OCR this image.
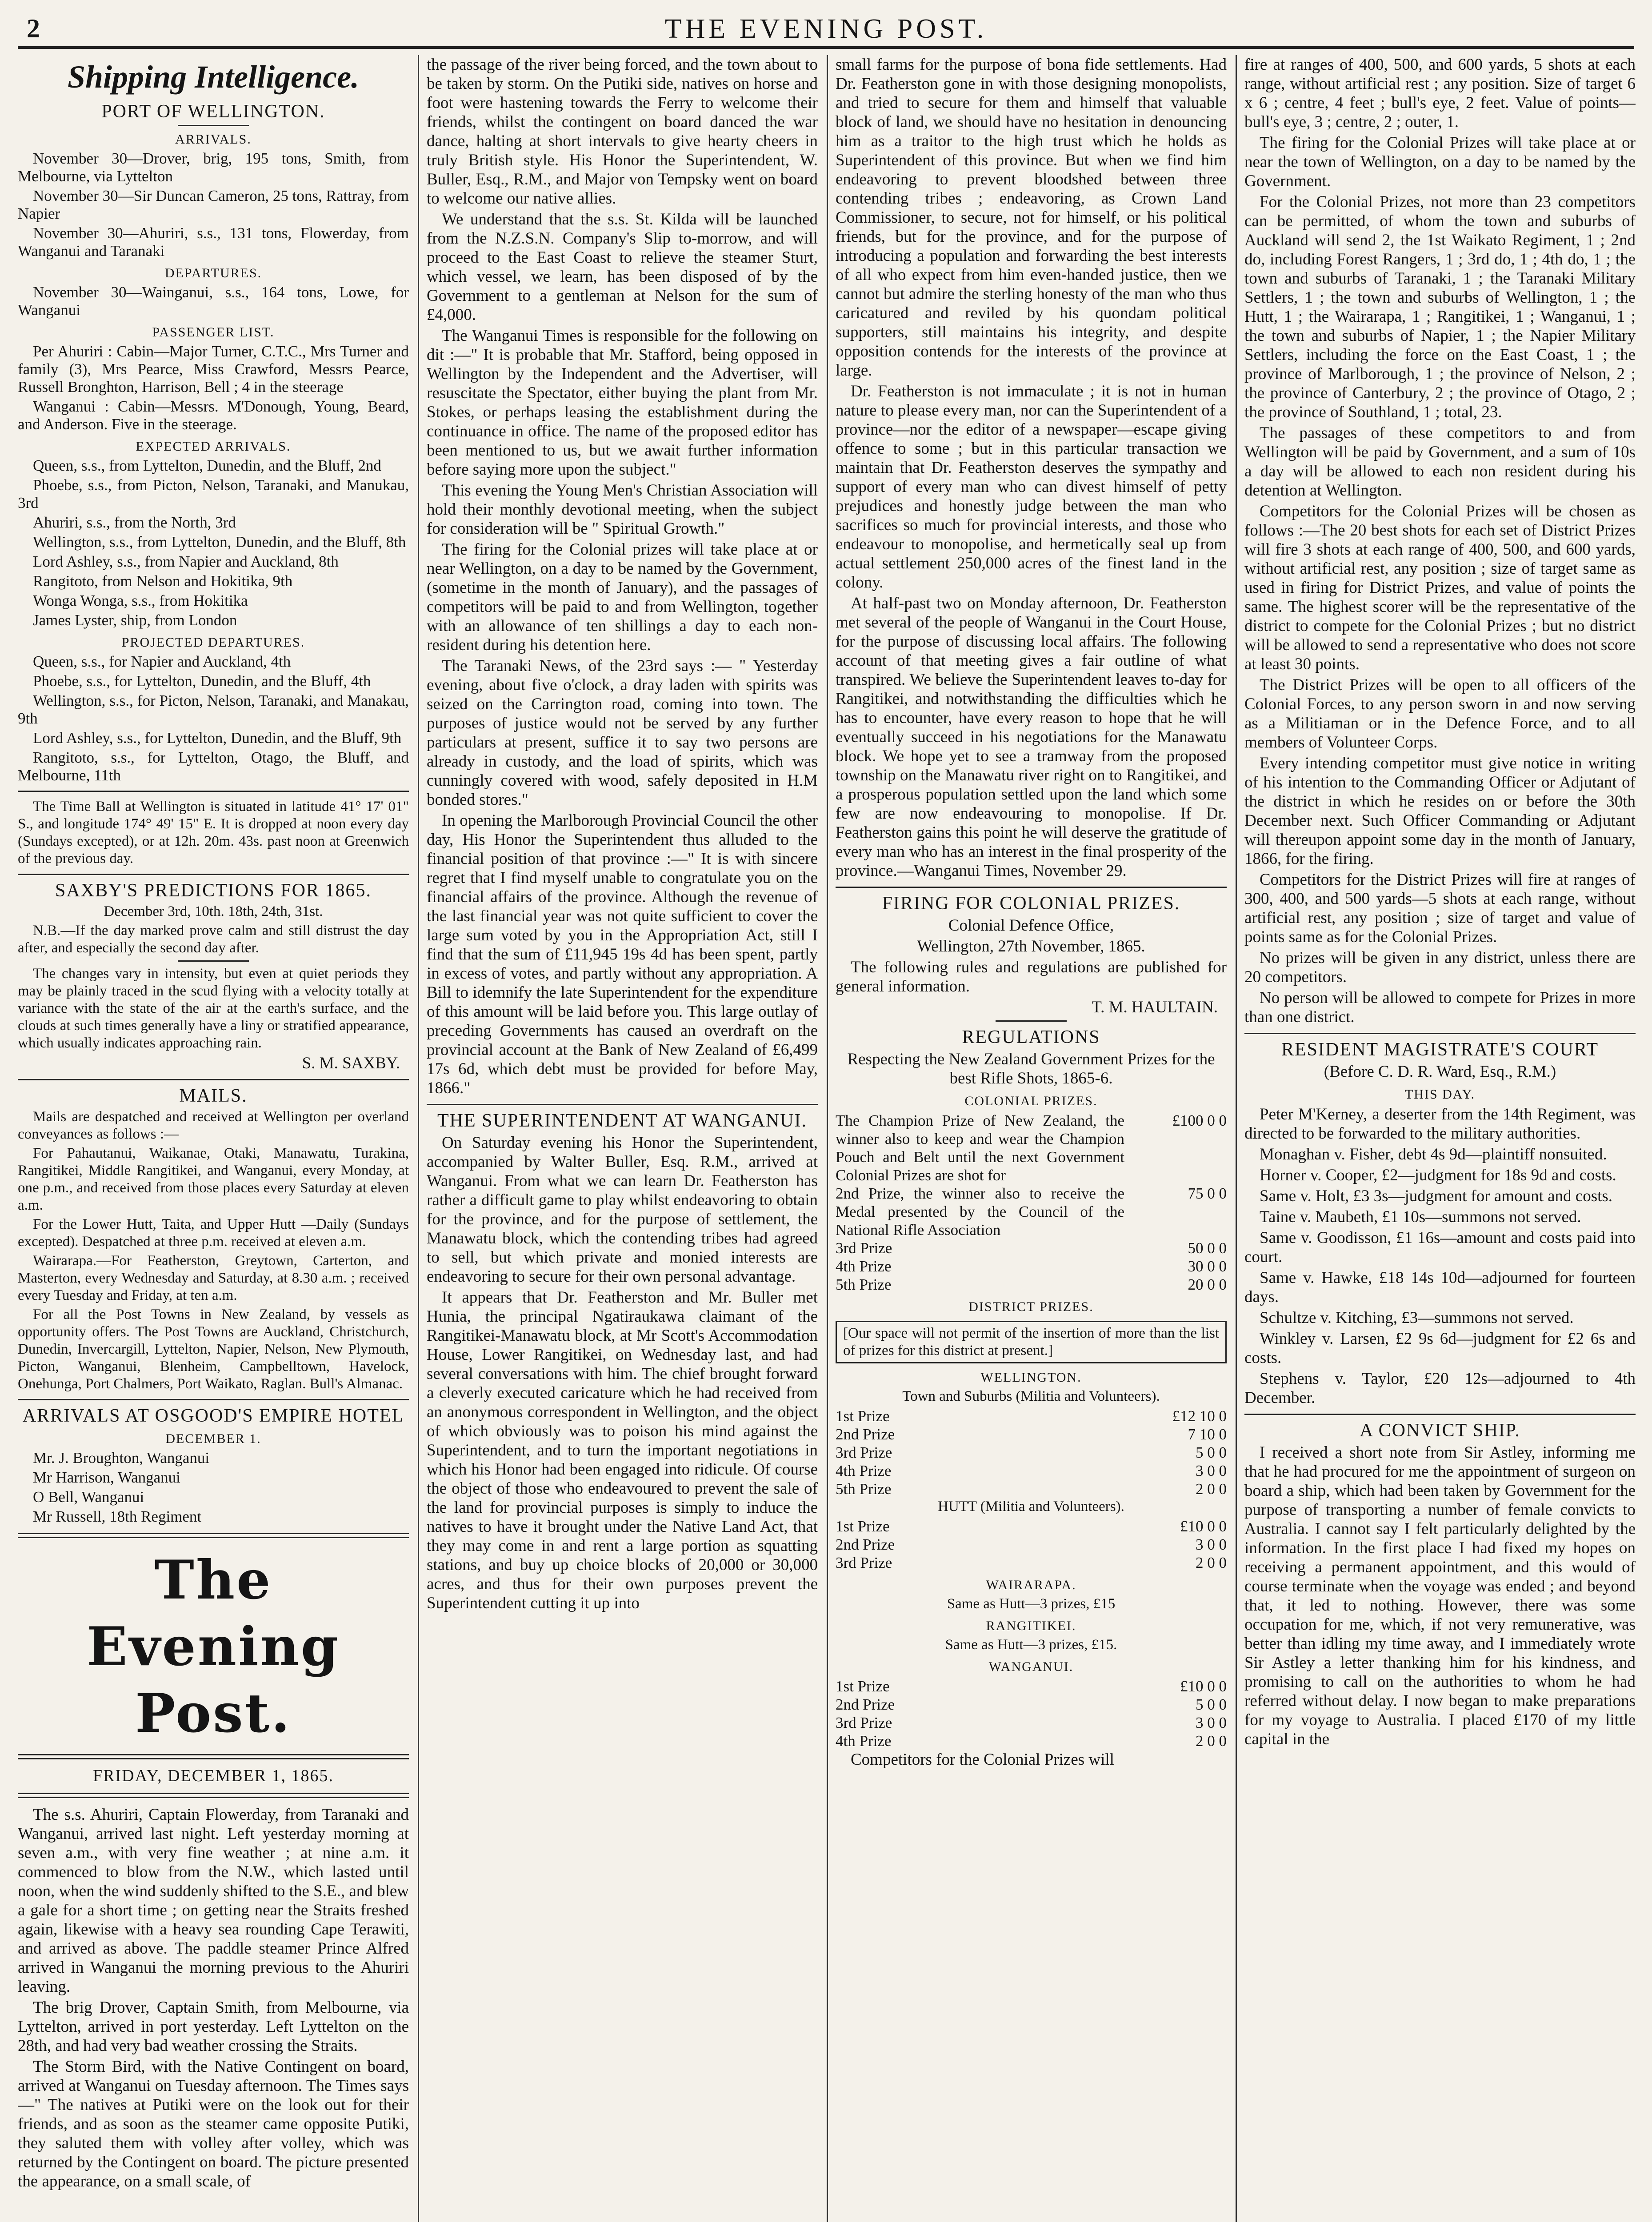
2	THE EVENING POST.
Shipping Intelligence.
PORT OF WELLINGTON.
ARRIVALS.

November 30—Drover, brig, 195 tons, Smith, from Melbourne, via Lyttelton

November 30—Sir Duncan Cameron, 25 tons, Rattray, from Napier

November 30—Ahuriri, s.s., 131 tons, Flowerday, from Wanganui and Taranaki

DEPARTURES.

November 30—Wainganui, s.s., 164 tons, Lowe, for Wanganui

PASSENGER LIST.

Per Ahuriri : Cabin—Major Turner, C.T.C., Mrs Turner and family (3), Mrs Pearce, Miss Crawford, Messrs Pearce, Russell Bronghton, Harrison, Bell ; 4 in the steerage

Wanganui : Cabin—Messrs. M'Donough, Young, Beard, and Anderson. Five in the steerage.

EXPECTED ARRIVALS.

Queen, s.s., from Lyttelton, Dunedin, and the Bluff, 2nd

Phoebe, s.s., from Picton, Nelson, Taranaki, and Manukau, 3rd

Ahuriri, s.s., from the North, 3rd

Wellington, s.s., from Lyttelton, Dunedin, and the Bluff, 8th

Lord Ashley, s.s., from Napier and Auckland, 8th

Rangitoto, from Nelson and Hokitika, 9th

Wonga Wonga, s.s., from Hokitika

James Lyster, ship, from London

PROJECTED DEPARTURES.

Queen, s.s., for Napier and Auckland, 4th

Phoebe, s.s., for Lyttelton, Dunedin, and the Bluff, 4th

Wellington, s.s., for Picton, Nelson, Taranaki, and Manakau, 9th

Lord Ashley, s.s., for Lyttelton, Dunedin, and the Bluff, 9th

Rangitoto, s.s., for Lyttelton, Otago, the Bluff, and Melbourne, 11th

The Time Ball at Wellington is situated in latitude 41° 17' 01" S., and longitude 174° 49' 15" E. It is dropped at noon every day (Sundays excepted), or at 12h. 20m. 43s. past noon at Greenwich of the previous day.

SAXBY'S PREDICTIONS FOR 1865.

December 3rd, 10th. 18th, 24th, 31st.

N.B.—If the day marked prove calm and still distrust the day after, and especially the second day after.

The changes vary in intensity, but even at quiet periods they may be plainly traced in the scud flying with a velocity totally at variance with the state of the air at the earth's surface, and the clouds at such times generally have a liny or stratified appearance, which usually indicates approaching rain.

S. M. SAXBY.
MAILS.

Mails are despatched and received at Wellington per overland conveyances as follows :—

For Pahautanui, Waikanae, Otaki, Manawatu, Turakina, Rangitikei, Middle Rangitikei, and Wanganui, every Monday, at one p.m., and received from those places every Saturday at eleven a.m.

For the Lower Hutt, Taita, and Upper Hutt —Daily (Sundays excepted). Despatched at three p.m. received at eleven a.m.

Wairarapa.—For Featherston, Greytown, Carterton, and Masterton, every Wednesday and Saturday, at 8.30 a.m. ; received every Tuesday and Friday, at ten a.m.

For all the Post Towns in New Zealand, by vessels as opportunity offers. The Post Towns are Auckland, Christchurch, Dunedin, Invercargill, Lyttelton, Napier, Nelson, New Plymouth, Picton, Wanganui, Blenheim, Campbelltown, Havelock, Onehunga, Port Chalmers, Port Waikato, Raglan. Bull's Almanac.

ARRIVALS AT OSGOOD'S EMPIRE HOTEL
DECEMBER 1.

Mr. J. Broughton, Wanganui

Mr Harrison, Wanganui

O Bell, Wanganui

Mr Russell, 18th Regiment

The Evening Post.
FRIDAY, DECEMBER 1, 1865.

The s.s. Ahuriri, Captain Flowerday, from Taranaki and Wanganui, arrived last night. Left yesterday morning at seven a.m., with very fine weather ; at nine a.m. it commenced to blow from the N.W., which lasted until noon, when the wind suddenly shifted to the S.E., and blew a gale for a short time ; on getting near the Straits freshed again, likewise with a heavy sea rounding Cape Terawiti, and arrived as above. The paddle steamer Prince Alfred arrived in Wanganui the morning previous to the Ahuriri leaving.

The brig Drover, Captain Smith, from Melbourne, via Lyttelton, arrived in port yesterday. Left Lyttelton on the 28th, and had very bad weather crossing the Straits.

The Storm Bird, with the Native Contingent on board, arrived at Wanganui on Tuesday afternoon. The Times says—" The natives at Putiki were on the look out for their friends, and as soon as the steamer came opposite Putiki, they saluted them with volley after volley, which was returned by the Contingent on board. The picture presented the appearance, on a small scale, of

the passage of the river being forced, and the town about to be taken by storm. On the Putiki side, natives on horse and foot were hastening towards the Ferry to welcome their friends, whilst the contingent on board danced the war dance, halting at short intervals to give hearty cheers in truly British style. His Honor the Superintendent, W. Buller, Esq., R.M., and Major von Tempsky went on board to welcome our native allies.

We understand that the s.s. St. Kilda will be launched from the N.Z.S.N. Company's Slip to-morrow, and will proceed to the East Coast to relieve the steamer Sturt, which vessel, we learn, has been disposed of by the Government to a gentleman at Nelson for the sum of £4,000.

The Wanganui Times is responsible for the following on dit :—" It is probable that Mr. Stafford, being opposed in Wellington by the Independent and the Advertiser, will resuscitate the Spectator, either buying the plant from Mr. Stokes, or perhaps leasing the establishment during the continuance in office. The name of the proposed editor has been mentioned to us, but we await further information before saying more upon the subject."

This evening the Young Men's Christian Association will hold their monthly devotional meeting, when the subject for consideration will be " Spiritual Growth."

The firing for the Colonial prizes will take place at or near Wellington, on a day to be named by the Government, (sometime in the month of January), and the passages of competitors will be paid to and from Wellington, together with an allowance of ten shillings a day to each non-resident during his detention here.

The Taranaki News, of the 23rd says :— " Yesterday evening, about five o'clock, a dray laden with spirits was seized on the Carrington road, coming into town. The purposes of justice would not be served by any further particulars at present, suffice it to say two persons are already in custody, and the load of spirits, which was cunningly covered with wood, safely deposited in H.M bonded stores."

In opening the Marlborough Provincial Council the other day, His Honor the Superintendent thus alluded to the financial position of that province :—" It is with sincere regret that I find myself unable to congratulate you on the financial affairs of the province. Although the revenue of the last financial year was not quite sufficient to cover the large sum voted by you in the Appropriation Act, still I find that the sum of £11,945 19s 4d has been spent, partly in excess of votes, and partly without any appropriation. A Bill to idemnify the late Superintendent for the expenditure of this amount will be laid before you. This large outlay of preceding Governments has caused an overdraft on the provincial account at the Bank of New Zealand of £6,499 17s 6d, which debt must be provided for before May, 1866."

THE SUPERINTENDENT AT WANGANUI.

On Saturday evening his Honor the Superintendent, accompanied by Walter Buller, Esq. R.M., arrived at Wanganui. From what we can learn Dr. Featherston has rather a difficult game to play whilst endeavoring to obtain for the province, and for the purpose of settlement, the Manawatu block, which the contending tribes had agreed to sell, but which private and monied interests are endeavoring to secure for their own personal advantage.

It appears that Dr. Featherston and Mr. Buller met Hunia, the principal Ngatiraukawa claimant of the Rangitikei-Manawatu block, at Mr Scott's Accommodation House, Lower Rangitikei, on Wednesday last, and had several conversations with him. The chief brought forward a cleverly executed caricature which he had received from an anonymous correspondent in Wellington, and the object of which obviously was to poison his mind against the Superintendent, and to turn the important negotiations in which his Honor had been engaged into ridicule. Of course the object of those who endeavoured to prevent the sale of the land for provincial purposes is simply to induce the natives to have it brought under the Native Land Act, that they may come in and rent a large portion as squatting stations, and buy up choice blocks of 20,000 or 30,000 acres, and thus for their own purposes prevent the Superintendent cutting it up into

small farms for the purpose of bona fide settlements. Had Dr. Featherston gone in with those designing monopolists, and tried to secure for them and himself that valuable block of land, we should have no hesitation in denouncing him as a traitor to the high trust which he holds as Superintendent of this province. But when we find him endeavoring to prevent bloodshed between three contending tribes ; endeavoring, as Crown Land Commissioner, to secure, not for himself, or his political friends, but for the province, and for the purpose of introducing a population and forwarding the best interests of all who expect from him even-handed justice, then we cannot but admire the sterling honesty of the man who thus caricatured and reviled by his quondam political supporters, still maintains his integrity, and despite opposition contends for the interests of the province at large.

Dr. Featherston is not immaculate ; it is not in human nature to please every man, nor can the Superintendent of a province—nor the editor of a newspaper—escape giving offence to some ; but in this particular transaction we maintain that Dr. Featherston deserves the sympathy and support of every man who can divest himself of petty prejudices and honestly judge between the man who sacrifices so much for provincial interests, and those who endeavour to monopolise, and hermetically seal up from actual settlement 250,000 acres of the finest land in the colony.

At half-past two on Monday afternoon, Dr. Featherston met several of the people of Wanganui in the Court House, for the purpose of discussing local affairs. The following account of that meeting gives a fair outline of what transpired. We believe the Superintendent leaves to-day for Rangitikei, and notwithstanding the difficulties which he has to encounter, have every reason to hope that he will eventually succeed in his negotiations for the Manawatu block. We hope yet to see a tramway from the proposed township on the Manawatu river right on to Rangitikei, and a prosperous population settled upon the land which some few are now endeavouring to monopolise. If Dr. Featherston gains this point he will deserve the gratitude of every man who has an interest in the final prosperity of the province.—Wanganui Times, November 29.

FIRING FOR COLONIAL PRIZES.

Colonial Defence Office,

Wellington, 27th November, 1865.

The following rules and regulations are published for general information.

T. M. HAULTAIN.
REGULATIONS

Respecting the New Zealand Government Prizes for the best Rifle Shots, 1865-6.

COLONIAL PRIZES.
The Champion Prize of New Zealand, the winner also to keep and wear the Champion Pouch and Belt until the next Government Colonial Prizes are shot for
£100 0 0
2nd Prize, the winner also to receive the Medal presented by the Council of the National Rifle Association
75 0 0
3rd Prize	50 0 0
4th Prize	30 0 0
5th Prize	20 0 0
DISTRICT PRIZES.
[Our space will not permit of the insertion of more than the list of prizes for this district at present.]
WELLINGTON.

Town and Suburbs (Militia and Volunteers).

1st Prize	£12 10 0
2nd Prize	7 10 0
3rd Prize	5 0 0
4th Prize	3 0 0
5th Prize	2 0 0

HUTT (Militia and Volunteers).

1st Prize	£10 0 0
2nd Prize	3 0 0
3rd Prize	2 0 0
WAIRARAPA.

Same as Hutt—3 prizes, £15

RANGITIKEI.

Same as Hutt—3 prizes, £15.

WANGANUI.
1st Prize	£10 0 0
2nd Prize	5 0 0
3rd Prize	3 0 0
4th Prize	2 0 0

Competitors for the Colonial Prizes will

fire at ranges of 400, 500, and 600 yards, 5 shots at each range, without artificial rest ; any position. Size of target 6 x 6 ; centre, 4 feet ; bull's eye, 2 feet. Value of points— bull's eye, 3 ; centre, 2 ; outer, 1.

The firing for the Colonial Prizes will take place at or near the town of Wellington, on a day to be named by the Government.

For the Colonial Prizes, not more than 23 competitors can be permitted, of whom the town and suburbs of Auckland will send 2, the 1st Waikato Regiment, 1 ; 2nd do, including Forest Rangers, 1 ; 3rd do, 1 ; 4th do, 1 ; the town and suburbs of Taranaki, 1 ; the Taranaki Military Settlers, 1 ; the town and suburbs of Wellington, 1 ; the Hutt, 1 ; the Wairarapa, 1 ; Rangitikei, 1 ; Wanganui, 1 ; the town and suburbs of Napier, 1 ; the Napier Military Settlers, including the force on the East Coast, 1 ; the province of Marlborough, 1 ; the province of Nelson, 2 ; the province of Canterbury, 2 ; the province of Otago, 2 ; the province of Southland, 1 ; total, 23.

The passages of these competitors to and from Wellington will be paid by Government, and a sum of 10s a day will be allowed to each non resident during his detention at Wellington.

Competitors for the Colonial Prizes will be chosen as follows :—The 20 best shots for each set of District Prizes will fire 3 shots at each range of 400, 500, and 600 yards, without artificial rest, any position ; size of target same as used in firing for District Prizes, and value of points the same. The highest scorer will be the representative of the district to compete for the Colonial Prizes ; but no district will be allowed to send a representative who does not score at least 30 points.

The District Prizes will be open to all officers of the Colonial Forces, to any person sworn in and now serving as a Militiaman or in the Defence Force, and to all members of Volunteer Corps.

Every intending competitor must give notice in writing of his intention to the Commanding Officer or Adjutant of the district in which he resides on or before the 30th December next. Such Officer Commanding or Adjutant will thereupon appoint some day in the month of January, 1866, for the firing.

Competitors for the District Prizes will fire at ranges of 300, 400, and 500 yards—5 shots at each range, without artificial rest, any position ; size of target and value of points same as for the Colonial Prizes.

No prizes will be given in any district, unless there are 20 competitors.

No person will be allowed to compete for Prizes in more than one district.

RESIDENT MAGISTRATE'S COURT

(Before C. D. R. Ward, Esq., R.M.)

THIS DAY.

Peter M'Kerney, a deserter from the 14th Regiment, was directed to be forwarded to the military authorities.

Monaghan v. Fisher, debt 4s 9d—plaintiff nonsuited.

Horner v. Cooper, £2—judgment for 18s 9d and costs.

Same v. Holt, £3 3s—judgment for amount and costs.

Taine v. Maubeth, £1 10s—summons not served.

Same v. Goodisson, £1 16s—amount and costs paid into court.

Same v. Hawke, £18 14s 10d—adjourned for fourteen days.

Schultze v. Kitching, £3—summons not served.

Winkley v. Larsen, £2 9s 6d—judgment for £2 6s and costs.

Stephens v. Taylor, £20 12s—adjourned to 4th December.

A CONVICT SHIP.

I received a short note from Sir Astley, informing me that he had procured for me the appointment of surgeon on board a ship, which had been taken by Government for the purpose of transporting a number of female convicts to Australia. I cannot say I felt particularly delighted by the information. In the first place I had fixed my hopes on receiving a permanent appointment, and this would of course terminate when the voyage was ended ; and beyond that, it led to nothing. However, there was some occupation for me, which, if not very remunerative, was better than idling my time away, and I immediately wrote Sir Astley a letter thanking him for his kindness, and promising to call on the authorities to whom he had referred without delay. I now began to make preparations for my voyage to Australia. I placed £170 of my little capital in the
